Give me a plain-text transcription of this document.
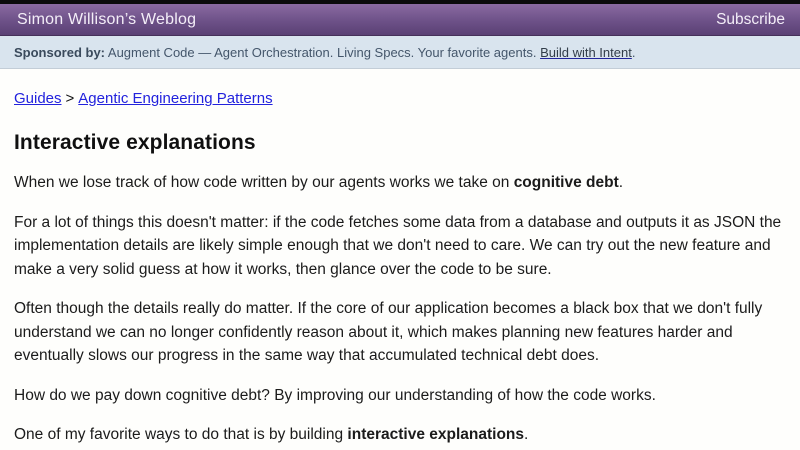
Simon Willison’s Weblog	Subscribe
Sponsored by: Augment Code — Agent Orchestration. Living Specs. Your favorite agents. Build with Intent.
Guides > Agentic Engineering Patterns
Interactive explanations

When we lose track of how code written by our agents works we take on cognitive debt.

For a lot of things this doesn't matter: if the code fetches some data from a database and outputs it as JSON the implementation details are likely simple enough that we don't need to care. We can try out the new feature and make a very solid guess at how it works, then glance over the code to be sure.

Often though the details really do matter. If the core of our application becomes a black box that we don't fully understand we can no longer confidently reason about it, which makes planning new features harder and eventually slows our progress in the same way that accumulated technical debt does.

How do we pay down cognitive debt? By improving our understanding of how the code works.

One of my favorite ways to do that is by building interactive explanations.
